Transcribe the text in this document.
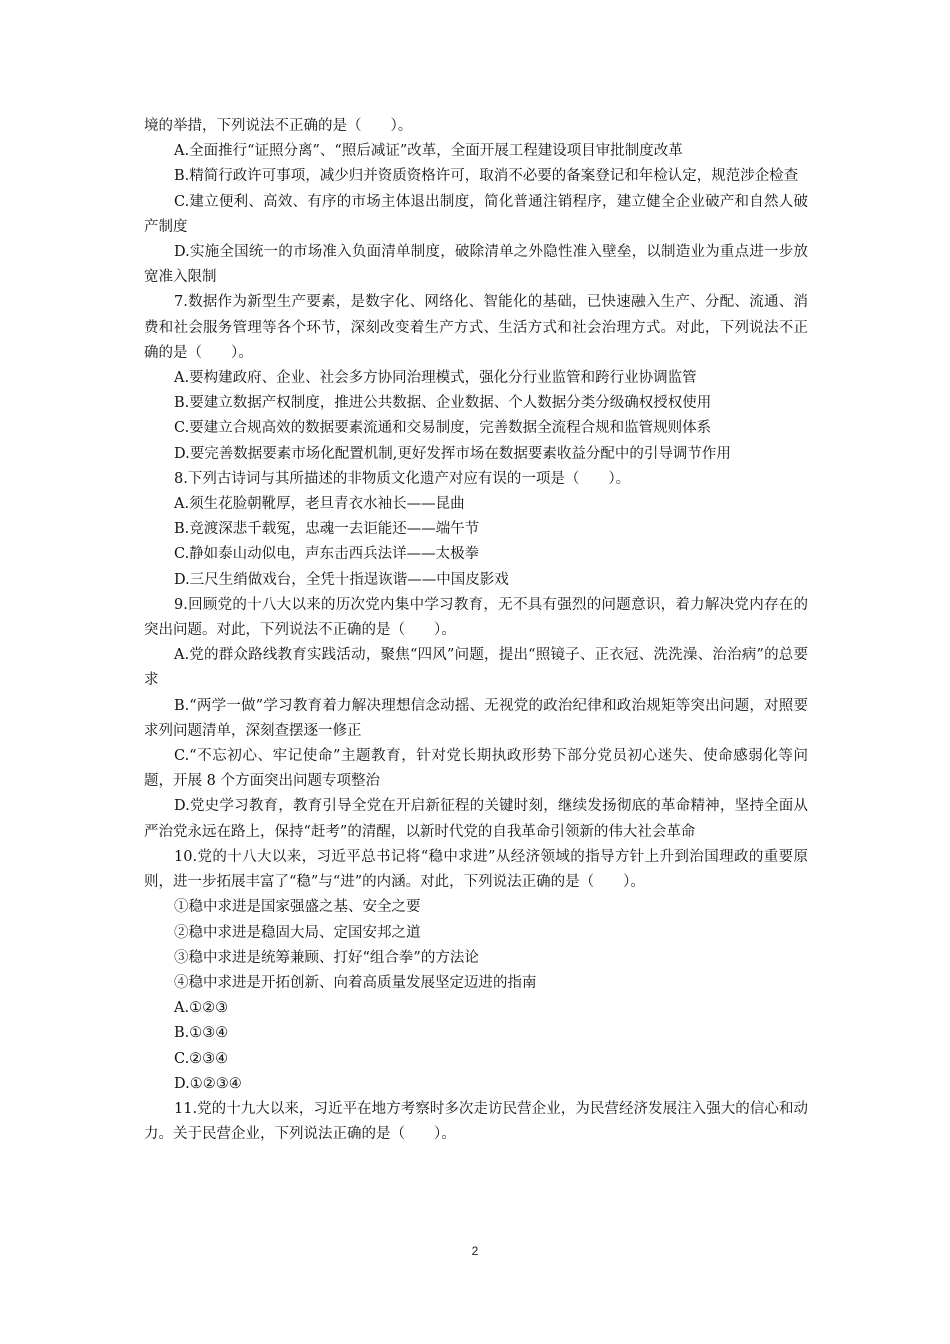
境的举措，下列说法不正确的是（　　）。

A.全面推行“证照分离”、“照后减证”改革，全面开展工程建设项目审批制度改革

B.精简行政许可事项，减少归并资质资格许可，取消不必要的备案登记和年检认定，规范涉企检查

C.建立便利、高效、有序的市场主体退出制度，简化普通注销程序，建立健全企业破产和自然人破产制度

D.实施全国统一的市场准入负面清单制度，破除清单之外隐性准入壁垒，以制造业为重点进一步放宽准入限制

7.数据作为新型生产要素，是数字化、网络化、智能化的基础，已快速融入生产、分配、流通、消费和社会服务管理等各个环节，深刻改变着生产方式、生活方式和社会治理方式。对此，下列说法不正确的是（　　）。

A.要构建政府、企业、社会多方协同治理模式，强化分行业监管和跨行业协调监管

B.要建立数据产权制度，推进公共数据、企业数据、个人数据分类分级确权授权使用

C.要建立合规高效的数据要素流通和交易制度，完善数据全流程合规和监管规则体系

D.要完善数据要素市场化配置机制,更好发挥市场在数据要素收益分配中的引导调节作用

8.下列古诗词与其所描述的非物质文化遗产对应有误的一项是（　　）。

A.须生花脸朝靴厚，老旦青衣水袖长——昆曲

B.竞渡深悲千载冤，忠魂一去讵能还——端午节

C.静如泰山动似电，声东击西兵法详——太极拳

D.三尺生绡做戏台，全凭十指逞诙谐——中国皮影戏

9.回顾党的十八大以来的历次党内集中学习教育，无不具有强烈的问题意识，着力解决党内存在的突出问题。对此，下列说法不正确的是（　　）。

A.党的群众路线教育实践活动，聚焦“四风”问题，提出“照镜子、正衣冠、洗洗澡、治治病”的总要求

B.“两学一做”学习教育着力解决理想信念动摇、无视党的政治纪律和政治规矩等突出问题，对照要求列问题清单，深刻查摆逐一修正

C.“不忘初心、牢记使命”主题教育，针对党长期执政形势下部分党员初心迷失、使命感弱化等问题，开展 8 个方面突出问题专项整治

D.党史学习教育，教育引导全党在开启新征程的关键时刻，继续发扬彻底的革命精神，坚持全面从严治党永远在路上，保持“赶考”的清醒，以新时代党的自我革命引领新的伟大社会革命

10.党的十八大以来，习近平总书记将“稳中求进”从经济领域的指导方针上升到治国理政的重要原则，进一步拓展丰富了“稳”与“进”的内涵。对此，下列说法正确的是（　　）。

①稳中求进是国家强盛之基、安全之要

②稳中求进是稳固大局、定国安邦之道

③稳中求进是统筹兼顾、打好“组合拳”的方法论

④稳中求进是开拓创新、向着高质量发展坚定迈进的指南

A.①②③

B.①③④

C.②③④

D.①②③④

11.党的十九大以来，习近平在地方考察时多次走访民营企业，为民营经济发展注入强大的信心和动力。关于民营企业，下列说法正确的是（　　）。

2
